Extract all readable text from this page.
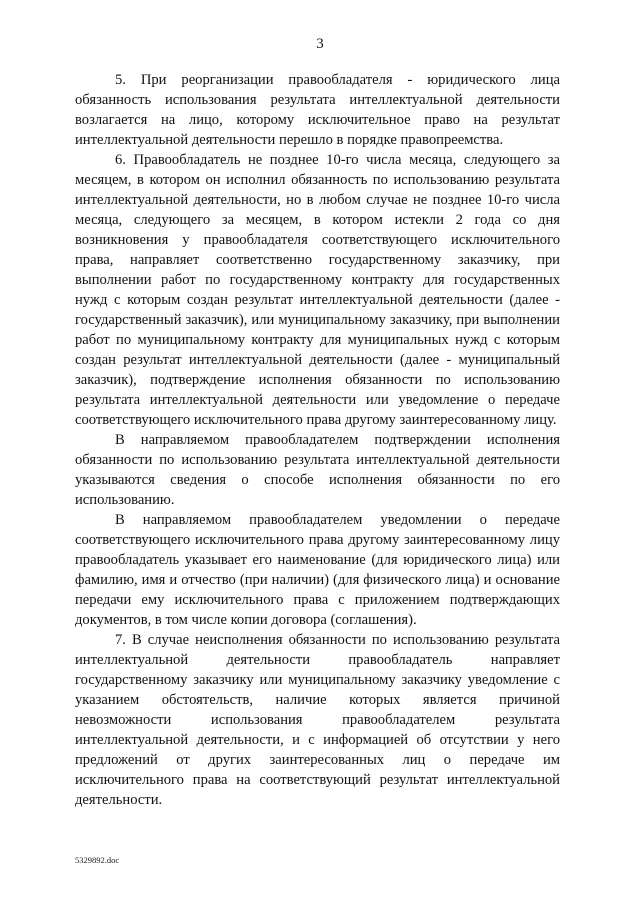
3

5. При реорганизации правообладателя - юридического лица обязанность использования результата интеллектуальной деятельности возлагается на лицо, которому исключительное право на результат интеллектуальной деятельности перешло в порядке правопреемства.

6. Правообладатель не позднее 10-го числа месяца, следующего за месяцем, в котором он исполнил обязанность по использованию результата интеллектуальной деятельности, но в любом случае не позднее 10-го числа месяца, следующего за месяцем, в котором истекли 2 года со дня возникновения у правообладателя соответствующего исключительного права, направляет соответственно государственному заказчику, при выполнении работ по государственному контракту для государственных нужд с которым создан результат интеллектуальной деятельности (далее - государственный заказчик), или муниципальному заказчику, при выполнении работ по муниципальному контракту для муниципальных нужд с которым создан результат интеллектуальной деятельности (далее - муниципальный заказчик), подтверждение исполнения обязанности по использованию результата интеллектуальной деятельности или уведомление о передаче соответствующего исключительного права другому заинтересованному лицу.

В направляемом правообладателем подтверждении исполнения обязанности по использованию результата интеллектуальной деятельности указываются сведения о способе исполнения обязанности по его использованию.

В направляемом правообладателем уведомлении о передаче соответствующего исключительного права другому заинтересованному лицу правообладатель указывает его наименование (для юридического лица) или фамилию, имя и отчество (при наличии) (для физического лица) и основание передачи ему исключительного права с приложением подтверждающих документов, в том числе копии договора (соглашения).

7. В случае неисполнения обязанности по использованию результата интеллектуальной деятельности правообладатель направляет государственному заказчику или муниципальному заказчику уведомление с указанием обстоятельств, наличие которых является причиной невозможности использования правообладателем результата интеллектуальной деятельности, и с информацией об отсутствии у него предложений от других заинтересованных лиц о передаче им исключительного права на соответствующий результат интеллектуальной деятельности.

5329892.doc
